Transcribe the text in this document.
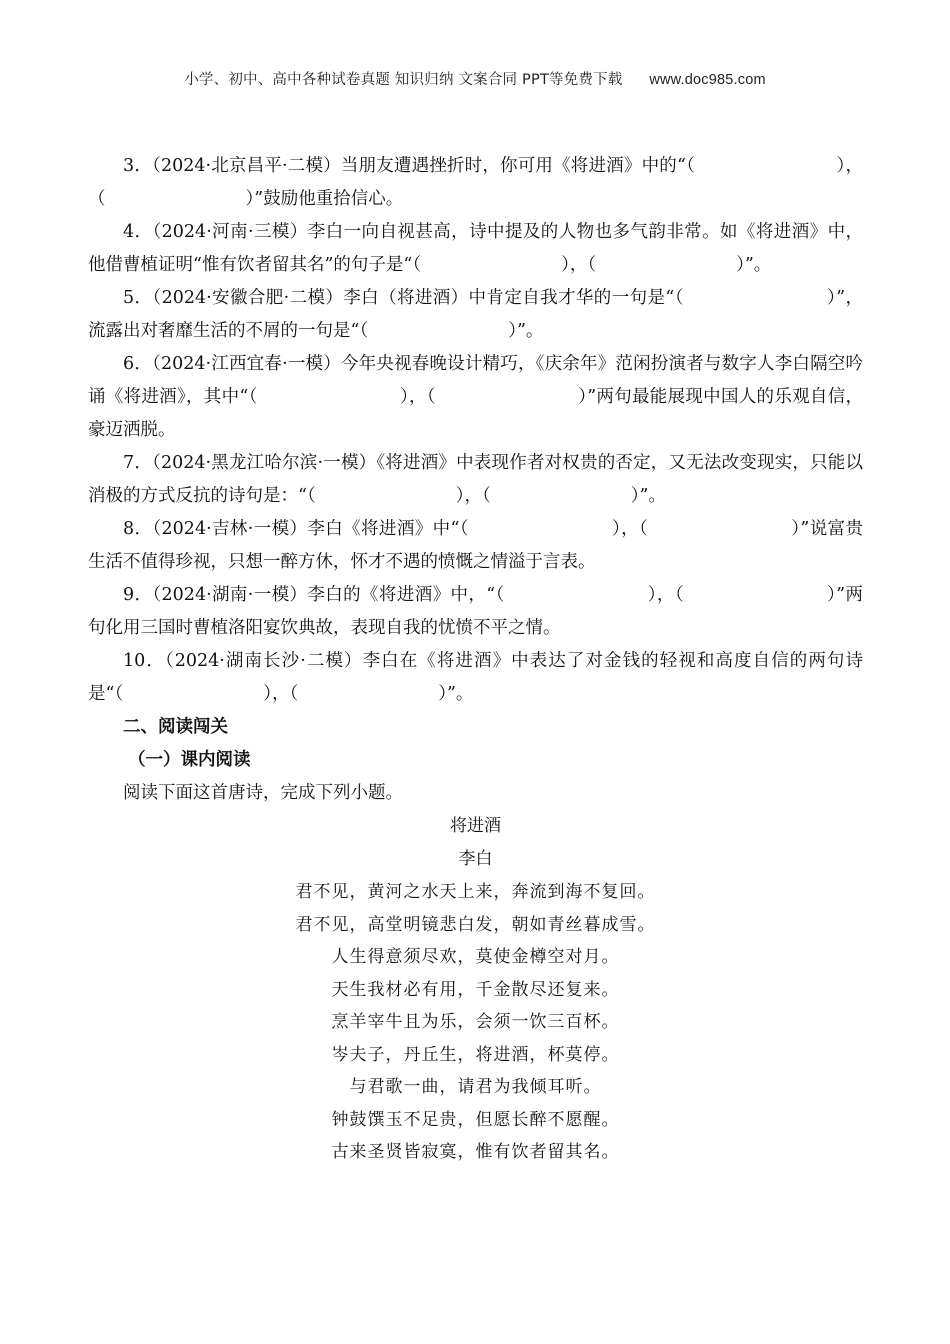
小学、初中、高中各种试卷真题 知识归纳 文案合同 PPT等免费下载 www.doc985.com

3．（2024·北京昌平·二模）当朋友遭遇挫折时，你可用《将进酒》中的“（　　　　　　　　），（　　　　　　　　）”鼓励他重拾信心。

4．（2024·河南·三模）李白一向自视甚高，诗中提及的人物也多气韵非常。如《将进酒》中，他借曹植证明“惟有饮者留其名”的句子是“（　　　　　　　　），（　　　　　　　　）”。

5．（2024·安徽合肥·二模）李白（将进酒）中肯定自我才华的一句是“（　　　　　　　　）”，流露出对奢靡生活的不屑的一句是“（　　　　　　　　）”。

6．（2024·江西宜春·一模）今年央视春晚设计精巧，《庆余年》范闲扮演者与数字人李白隔空吟诵《将进酒》，其中“（　　　　　　　　），（　　　　　　　　）”两句最能展现中国人的乐观自信，豪迈洒脱。

7．（2024·黑龙江哈尔滨·一模）《将进酒》中表现作者对权贵的否定，又无法改变现实，只能以消极的方式反抗的诗句是：“（　　　　　　　　），（　　　　　　　　）”。

8．（2024·吉林·一模）李白《将进酒》中“（　　　　　　　　），（　　　　　　　　）”说富贵生活不值得珍视，只想一醉方休，怀才不遇的愤慨之情溢于言表。

9．（2024·湖南·一模）李白的《将进酒》中，“（　　　　　　　　），（　　　　　　　　）”两句化用三国时曹植洛阳宴饮典故，表现自我的忧愤不平之情。

10．（2024·湖南长沙·二模）李白在《将进酒》中表达了对金钱的轻视和高度自信的两句诗是“（　　　　　　　　），（　　　　　　　　）”。

二、阅读闯关

（一）课内阅读

阅读下面这首唐诗，完成下列小题。

将进酒

李白

君不见，黄河之水天上来，奔流到海不复回。

君不见，高堂明镜悲白发，朝如青丝暮成雪。

人生得意须尽欢，莫使金樽空对月。

天生我材必有用，千金散尽还复来。

烹羊宰牛且为乐，会须一饮三百杯。

岑夫子，丹丘生，将进酒，杯莫停。

与君歌一曲，请君为我倾耳听。

钟鼓馔玉不足贵，但愿长醉不愿醒。

古来圣贤皆寂寞，惟有饮者留其名。
